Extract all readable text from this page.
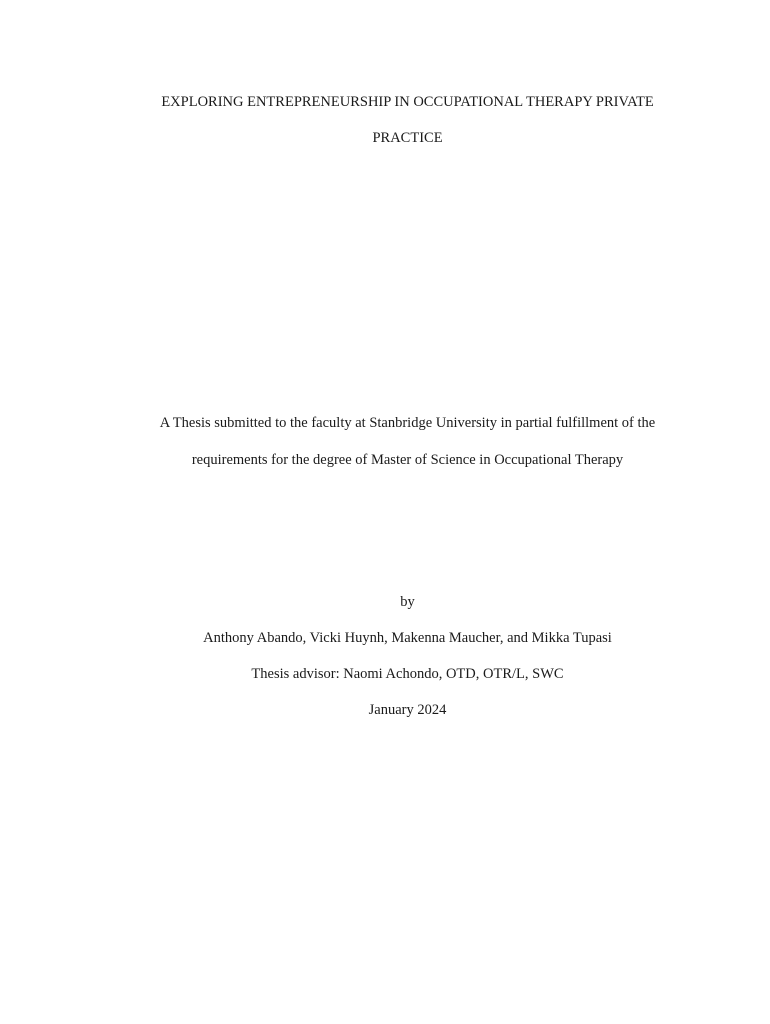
EXPLORING ENTREPRENEURSHIP IN OCCUPATIONAL THERAPY PRIVATE
PRACTICE
A Thesis submitted to the faculty at Stanbridge University in partial fulfillment of the
requirements for the degree of Master of Science in Occupational Therapy
by
Anthony Abando, Vicki Huynh, Makenna Maucher, and Mikka Tupasi
Thesis advisor: Naomi Achondo, OTD, OTR/L, SWC
January 2024
